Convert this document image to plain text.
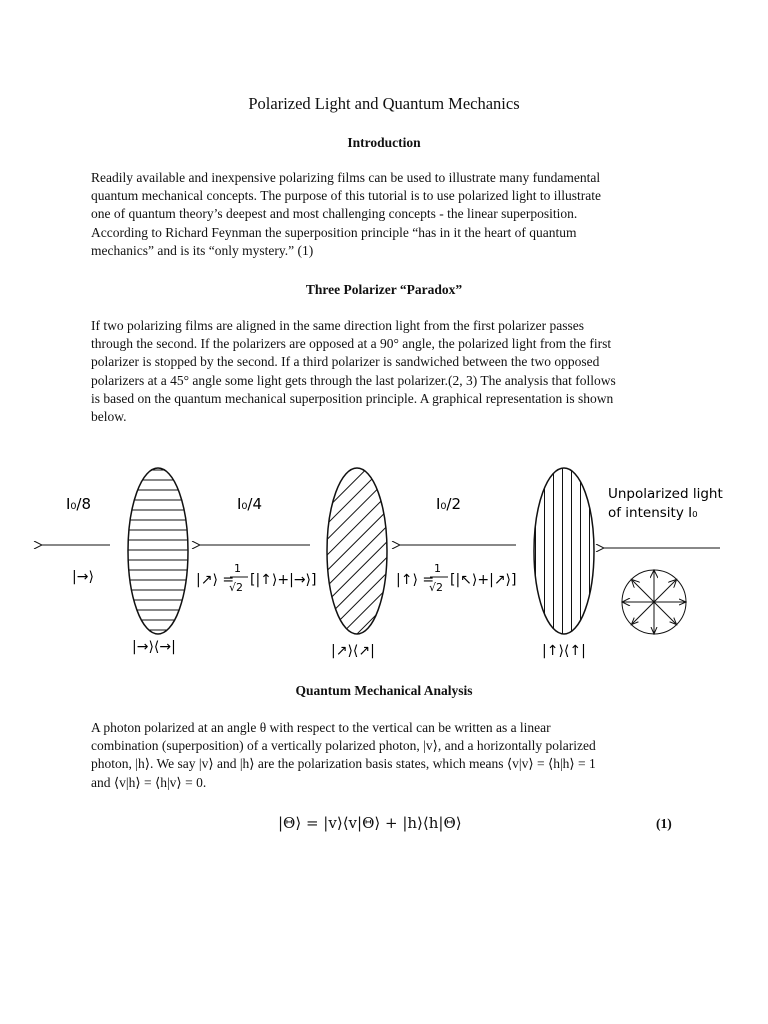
Polarized Light and Quantum Mechanics
Introduction

Readily available and inexpensive polarizing films can be used to illustrate many fundamental
quantum mechanical concepts. The purpose of this tutorial is to use polarized light to illustrate
one of quantum theory’s deepest and most challenging concepts - the linear superposition.
According to Richard Feynman the superposition principle “has in it the heart of quantum
mechanics” and is its “only mystery.” (1)

Three Polarizer “Paradox”

If two polarizing films are aligned in the same direction light from the first polarizer passes
through the second. If the polarizers are opposed at a 90° angle, the polarized light from the first
polarizer is stopped by the second. If a third polarizer is sandwiched between the two opposed
polarizers at a 45° angle some light gets through the last polarizer.(2, 3) The analysis that follows
is based on the quantum mechanical superposition principle. A graphical representation is shown
below.

I₀/8	I₀/4	I₀/2
Unpolarized light
of intensity I₀
|→⟩	|↗⟩ =
1
√2 [|↑⟩+|→⟩]	|↑⟩ =
1
√2 [|↖⟩+|↗⟩]
|→⟩⟨→|	|↗⟩⟨↗|	|↑⟩⟨↑|
Quantum Mechanical Analysis

A photon polarized at an angle θ with respect to the vertical can be written as a linear
combination (superposition) of a vertically polarized photon, |v⟩, and a horizontally polarized
photon, |h⟩. We say |v⟩ and |h⟩ are the polarization basis states, which means ⟨v|v⟩ = ⟨h|h⟩ = 1
and ⟨v|h⟩ = ⟨h|v⟩ = 0.

|Θ⟩ = |v⟩⟨v|Θ⟩ + |h⟩⟨h|Θ⟩	(1)
